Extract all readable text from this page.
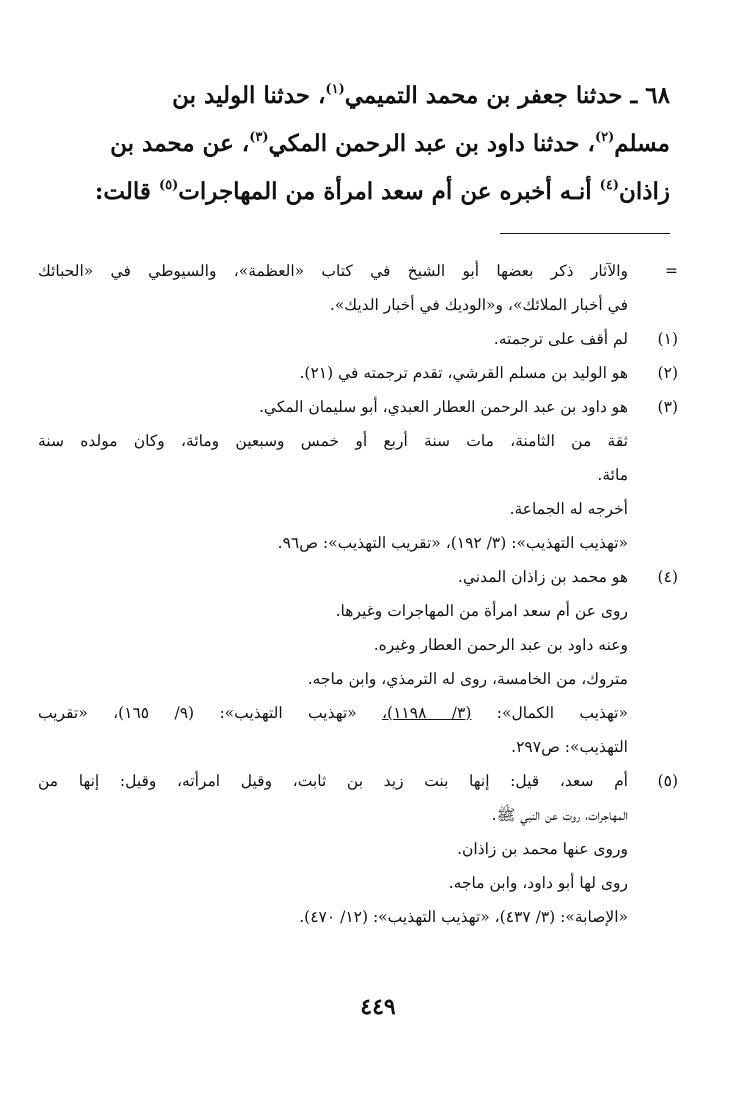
٦٨ ـ حدثنا جعفر بن محمد التميمي$^{(١)}$، حدثنا الوليد بن

مسلم$^{(٢)}$، حدثنا داود بن عبد الرحمن المكي$^{(٣)}$، عن محمد بن

زاذان$^{(٤)}$ أنـه أخبره عن أم سعد امرأة من المهاجرات$^{(٥)}$ قالت:

=
والآثار ذكر بعضها أبو الشيخ في كتاب «العظمة»، والسيوطي في «الحبائك
في أخبار الملائك»، و«الوديك في أخبار الديك».
(١)
لم أقف على ترجمته.
(٢)
هو الوليد بن مسلم القرشي، تقدم ترجمته في (٢١).
(٣)
هو داود بن عبد الرحمن العطار العبدي، أبو سليمان المكي.
ثقة من الثامنة، مات سنة أربع أو خمس وسبعين ومائة، وكان مولده سنة
مائة.
أخرجه له الجماعة.
«تهذيب التهذيب»: (٣/ ١٩٢)، «تقريب التهذيب»: ص٩٦.
(٤)
هو محمد بن زاذان المدني.
روى عن أم سعد امرأة من المهاجرات وغيرها.
وعنه داود بن عبد الرحمن العطار وغيره.
متروك، من الخامسة، روى له الترمذي، وابن ماجه.
«تهذيب الكمال»: (٣/ ١١٩٨)، «تهذيب التهذيب»: (٩/ ١٦٥)، «تقريب
التهذيب»: ص٢٩٧.
(٥)
أم سعد، قيل: إنها بنت زيد بن ثابت، وقيل امرأته، وقيل: إنها من
المهاجرات، روت عن النبي ﷺ.
وروى عنها محمد بن زاذان.
روى لها أبو داود، وابن ماجه.
«الإصابة»: (٣/ ٤٣٧)، «تهذيب التهذيب»: (١٢/ ٤٧٠).
٤٤٩
